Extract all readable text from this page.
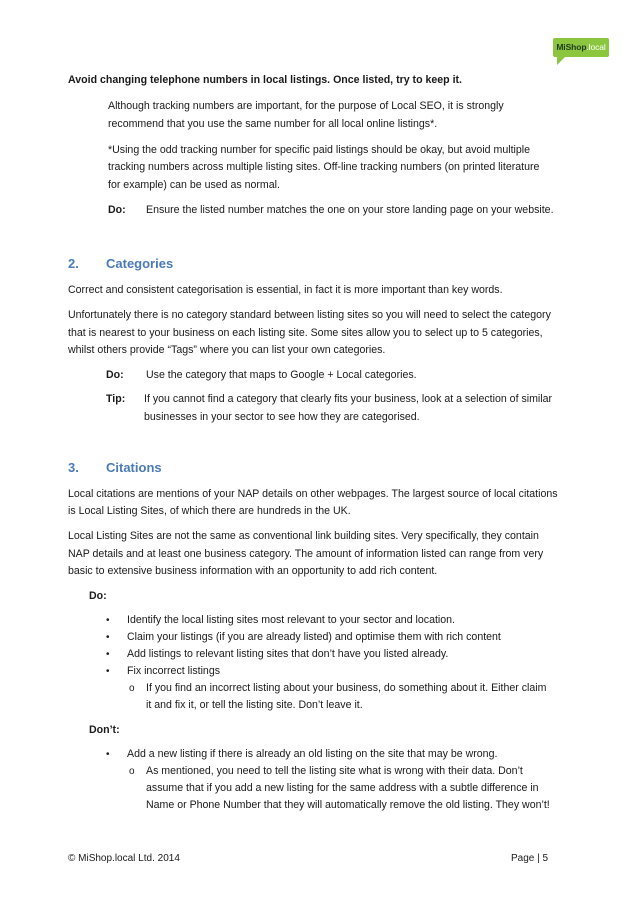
MiShop.local
Avoid changing telephone numbers in local listings. Once listed, try to keep it.
Although tracking numbers are important, for the purpose of Local SEO, it is strongly
recommend that you use the same number for all local online listings*.
*Using the odd tracking number for specific paid listings should be okay, but avoid multiple
tracking numbers across multiple listing sites. Off-line tracking numbers (on printed literature
for example) can be used as normal.
Do: Ensure the listed number matches the one on your store landing page on your website.
2. Categories
Correct and consistent categorisation is essential, in fact it is more important than key words.
Unfortunately there is no category standard between listing sites so you will need to select the category
that is nearest to your business on each listing site. Some sites allow you to select up to 5 categories,
whilst others provide “Tags” where you can list your own categories.
Do: Use the category that maps to Google + Local categories.
Tip: If you cannot find a category that clearly fits your business, look at a selection of similar
businesses in your sector to see how they are categorised.
3. Citations
Local citations are mentions of your NAP details on other webpages. The largest source of local citations
is Local Listing Sites, of which there are hundreds in the UK.
Local Listing Sites are not the same as conventional link building sites. Very specifically, they contain
NAP details and at least one business category. The amount of information listed can range from very
basic to extensive business information with an opportunity to add rich content.
Do:
• Identify the local listing sites most relevant to your sector and location.
• Claim your listings (if you are already listed) and optimise them with rich content
• Add listings to relevant listing sites that don’t have you listed already.
• Fix incorrect listings
o If you find an incorrect listing about your business, do something about it. Either claim
it and fix it, or tell the listing site. Don’t leave it.
Don’t:
• Add a new listing if there is already an old listing on the site that may be wrong.
o As mentioned, you need to tell the listing site what is wrong with their data. Don’t
assume that if you add a new listing for the same address with a subtle difference in
Name or Phone Number that they will automatically remove the old listing. They won’t!
© MiShop.local Ltd. 2014	Page | 5
